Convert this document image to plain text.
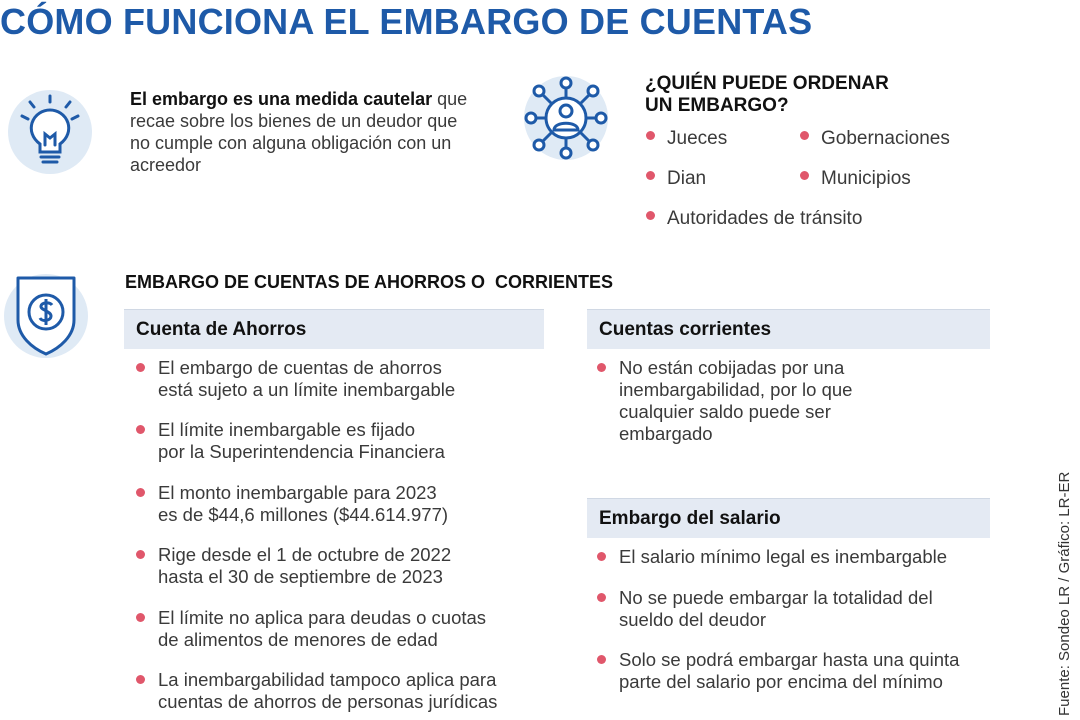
CÓMO FUNCIONA EL EMBARGO DE CUENTAS
El embargo es una medida cautelar que recae sobre los bienes de un deudor que no cumple con alguna obligación con un acreedor
¿QUIÉN PUEDE ORDENAR
UN EMBARGO?
Jueces	Gobernaciones
Dian	Municipios
Autoridades de tránsito
EMBARGO DE CUENTAS DE AHORROS O  CORRIENTES
Cuenta de Ahorros
El embargo de cuentas de ahorros
está sujeto a un límite inembargable
El límite inembargable es fijado
por la Superintendencia Financiera
El monto inembargable para 2023
es de $44,6 millones ($44.614.977)
Rige desde el 1 de octubre de 2022
hasta el 30 de septiembre de 2023
El límite no aplica para deudas o cuotas
de alimentos de menores de edad
La inembargabilidad tampoco aplica para
cuentas de ahorros de personas jurídicas
Cuentas corrientes
No están cobijadas por una
inembargabilidad, por lo que
cualquier saldo puede ser
embargado
Embargo del salario
El salario mínimo legal es inembargable
No se puede embargar la totalidad del
sueldo del deudor
Solo se podrá embargar hasta una quinta
parte del salario por encima del mínimo	Fuente: Sondeo LR / Gráfico: LR-ER
